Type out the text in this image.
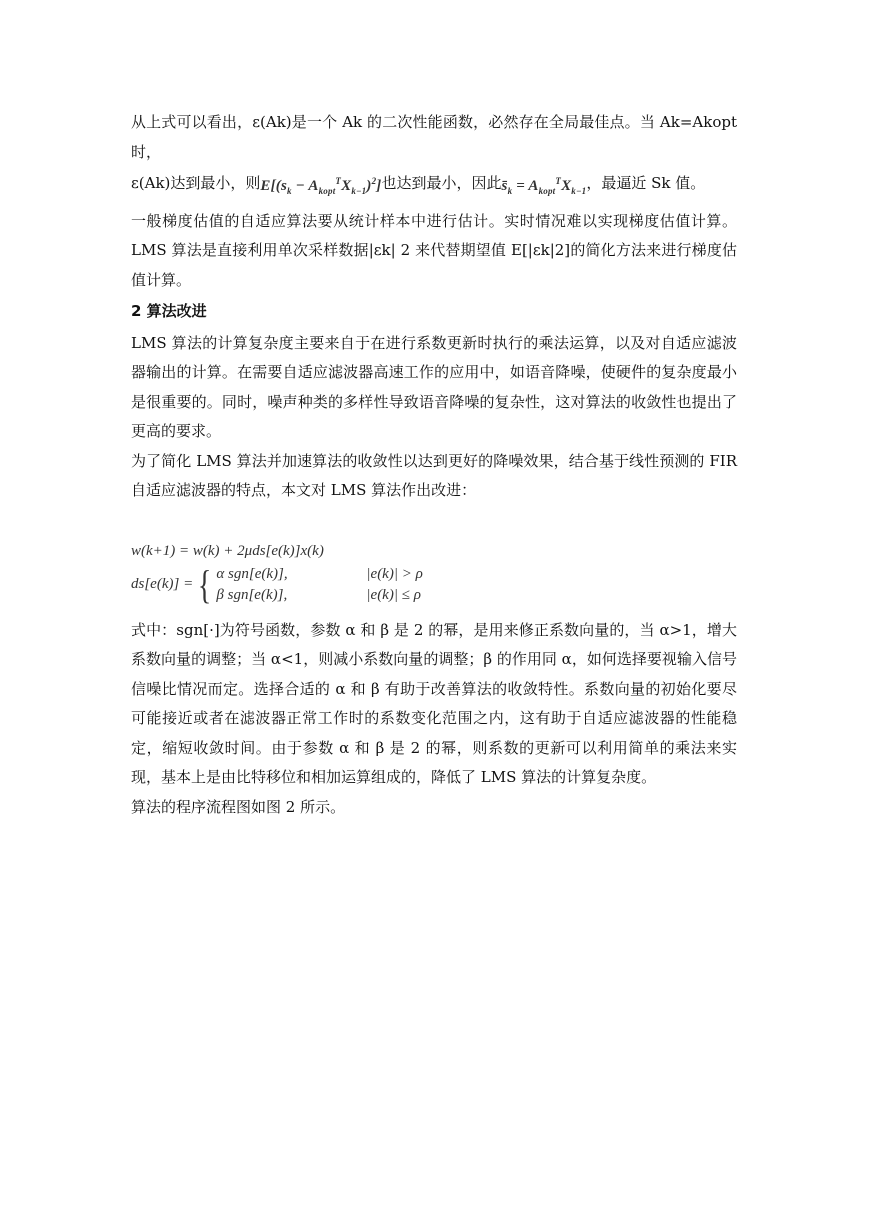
从上式可以看出，ε(Ak)是一个 Ak 的二次性能函数，必然存在全局最佳点。当 Ak=Akopt 时，
ε(Ak)达到最小，则$E[(s_k - A_{kopt}^TX_{k-1})^2]$也达到最小，因此$s̄_k = A_{kopt}^TX_{k-1}$，最逼近 Sk 值。

一般梯度估值的自适应算法要从统计样本中进行估计。实时情况难以实现梯度估值计算。LMS 算法是直接利用单次采样数据|εk| 2 来代替期望值 E[|εk|2]的简化方法来进行梯度估值计算。

2 算法改进

LMS 算法的计算复杂度主要来自于在进行系数更新时执行的乘法运算，以及对自适应滤波器输出的计算。在需要自适应滤波器高速工作的应用中，如语音降噪，使硬件的复杂度最小是很重要的。同时，噪声种类的多样性导致语音降噪的复杂性，这对算法的收敛性也提出了更高的要求。

为了简化 LMS 算法并加速算法的收敛性以达到更好的降噪效果，结合基于线性预测的 FIR 自适应滤波器的特点，本文对 LMS 算法作出改进：

w(k+1) = w(k) + 2μds[e(k)]x(k)
ds[e(k)] = { α sgn[e(k)],	|e(k)| > ρ
β sgn[e(k)],	|e(k)| ≤ ρ

式中：sgn[·]为符号函数，参数 α 和 β 是 2 的幂，是用来修正系数向量的，当 α>1，增大系数向量的调整；当 α<1，则减小系数向量的调整；β 的作用同 α，如何选择要视输入信号信噪比情况而定。选择合适的 α 和 β 有助于改善算法的收敛特性。系数向量的初始化要尽可能接近或者在滤波器正常工作时的系数变化范围之内，这有助于自适应滤波器的性能稳定，缩短收敛时间。由于参数 α 和 β 是 2 的幂，则系数的更新可以利用简单的乘法来实现，基本上是由比特移位和相加运算组成的，降低了 LMS 算法的计算复杂度。

算法的程序流程图如图 2 所示。
